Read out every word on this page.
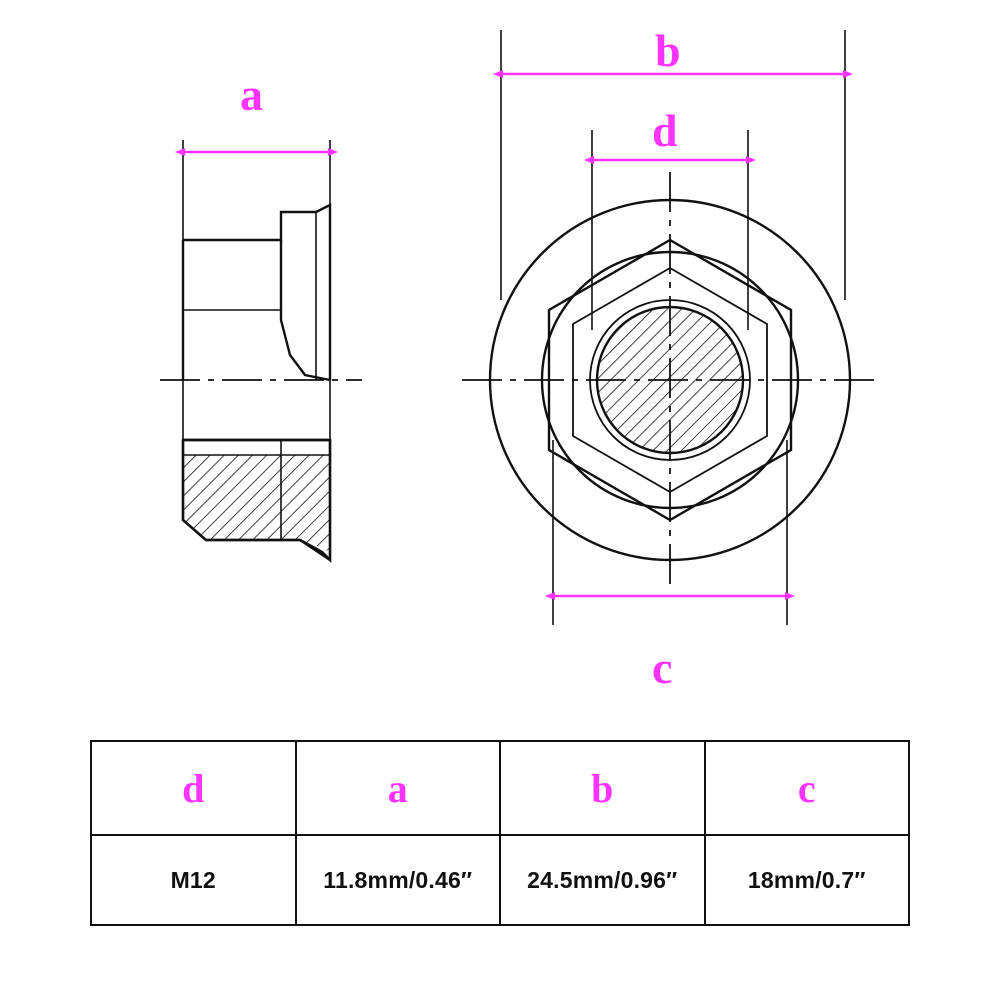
a
b
d
c
d	a	b	c
M12	11.8mm/0.46″	24.5mm/0.96″	18mm/0.7″
